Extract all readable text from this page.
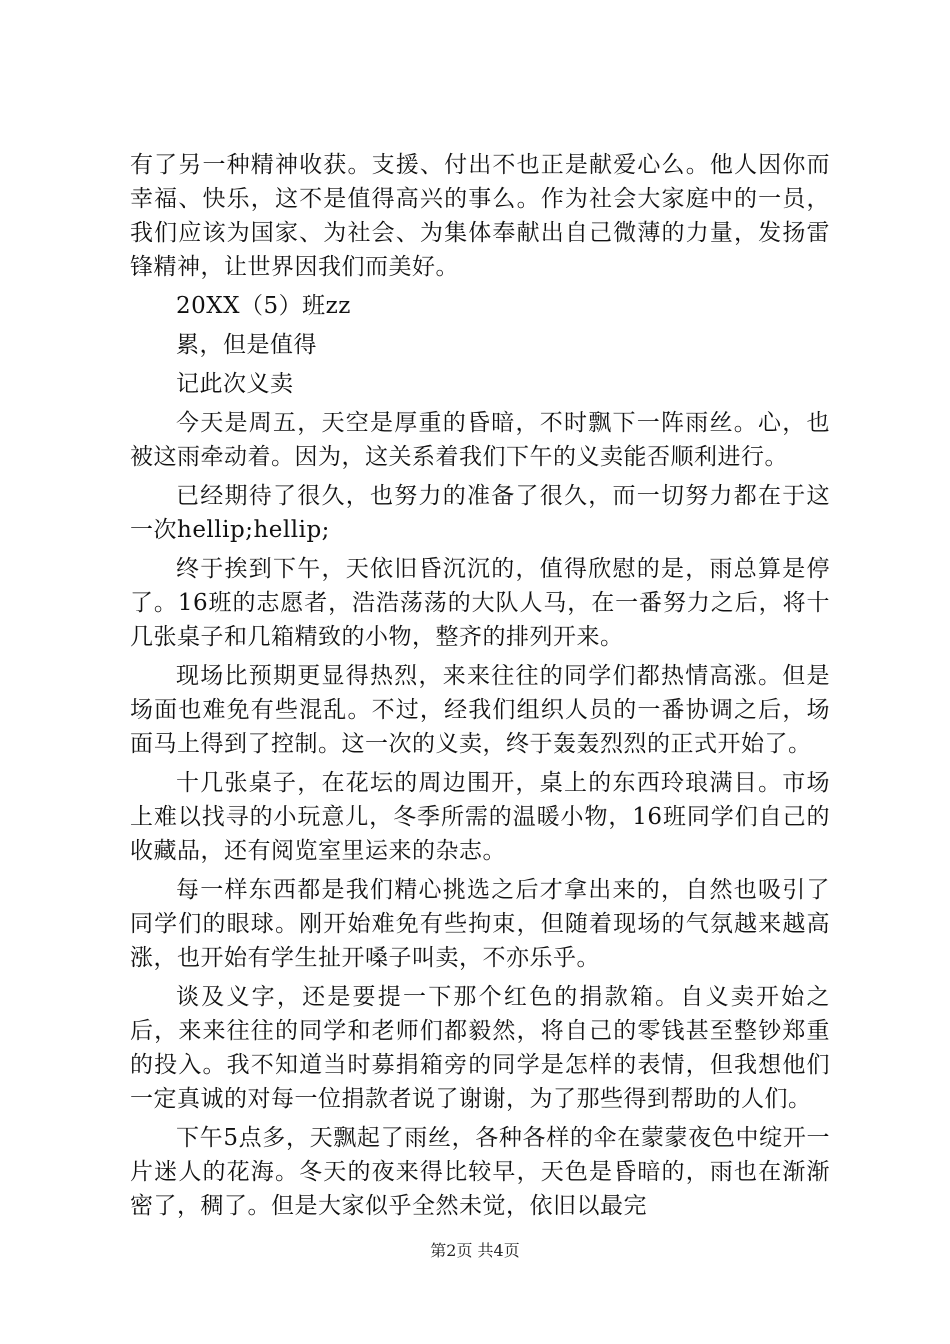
有了另一种精神收获。支援、付出不也正是献爱心么。他人因你而幸福、快乐，这不是值得高兴的事么。作为社会大家庭中的一员，我们应该为国家、为社会、为集体奉献出自己微薄的力量，发扬雷锋精神，让世界因我们而美好。

20XX（5）班zz

累，但是值得

记此次义卖

今天是周五，天空是厚重的昏暗，不时飘下一阵雨丝。心，也被这雨牵动着。因为，这关系着我们下午的义卖能否顺利进行。

已经期待了很久，也努力的准备了很久，而一切努力都在于这一次hellip;hellip;

终于挨到下午，天依旧昏沉沉的，值得欣慰的是，雨总算是停了。16班的志愿者，浩浩荡荡的大队人马，在一番努力之后，将十几张桌子和几箱精致的小物，整齐的排列开来。

现场比预期更显得热烈，来来往往的同学们都热情高涨。但是场面也难免有些混乱。不过，经我们组织人员的一番协调之后，场面马上得到了控制。这一次的义卖，终于轰轰烈烈的正式开始了。

十几张桌子，在花坛的周边围开，桌上的东西玲琅满目。市场上难以找寻的小玩意儿，冬季所需的温暖小物，16班同学们自己的收藏品，还有阅览室里运来的杂志。

每一样东西都是我们精心挑选之后才拿出来的，自然也吸引了同学们的眼球。刚开始难免有些拘束，但随着现场的气氛越来越高涨，也开始有学生扯开嗓子叫卖，不亦乐乎。

谈及义字，还是要提一下那个红色的捐款箱。自义卖开始之后，来来往往的同学和老师们都毅然，将自己的零钱甚至整钞郑重的投入。我不知道当时募捐箱旁的同学是怎样的表情，但我想他们一定真诚的对每一位捐款者说了谢谢，为了那些得到帮助的人们。

下午5点多，天飘起了雨丝，各种各样的伞在蒙蒙夜色中绽开一片迷人的花海。冬天的夜来得比较早，天色是昏暗的，雨也在渐渐密了，稠了。但是大家似乎全然未觉，依旧以最完

第2页 共4页
